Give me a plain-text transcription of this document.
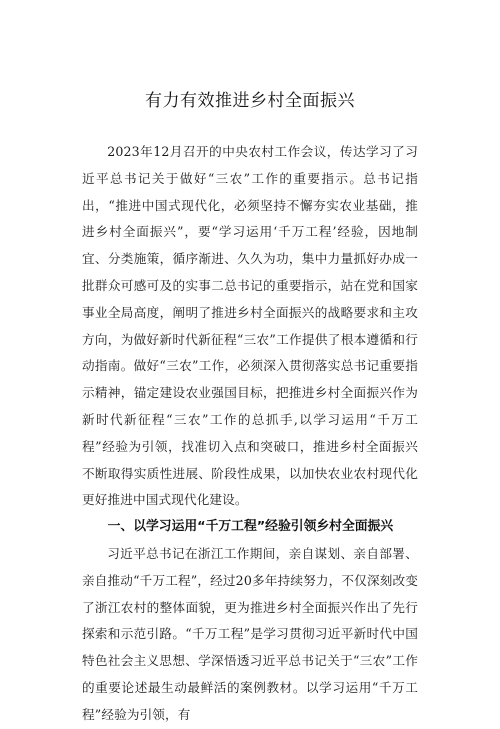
有力有效推进乡村全面振兴

2023年12月召开的中央农村工作会议，传达学习了习近平总书记关于做好“三农”工作的重要指示。总书记指出，“推进中国式现代化，必须坚持不懈夯实农业基础，推进乡村全面振兴”，要“学习运用‘千万工程’经验，因地制宜、分类施策，循序渐进、久久为功，集中力量抓好办成一批群众可感可及的实事二总书记的重要指示，站在党和国家事业全局高度，阐明了推进乡村全面振兴的战略要求和主攻方向，为做好新时代新征程“三农”工作提供了根本遵循和行动指南。做好“三农”工作，必须深入贯彻落实总书记重要指示精神，锚定建设农业强国目标，把推进乡村全面振兴作为新时代新征程“三农”工作的总抓手,以学习运用“千万工程”经验为引领，找准切入点和突破口，推进乡村全面振兴不断取得实质性进展、阶段性成果，以加快农业农村现代化更好推进中国式现代化建设。

一、以学习运用“千万工程”经验引领乡村全面振兴

习近平总书记在浙江工作期间，亲自谋划、亲自部署、亲自推动“千万工程”，经过20多年持续努力，不仅深刻改变了浙江农村的整体面貌，更为推进乡村全面振兴作出了先行探索和示范引路。“千万工程”是学习贯彻习近平新时代中国特色社会主义思想、学深悟透习近平总书记关于“三农”工作的重要论述最生动最鲜活的案例教材。以学习运用“千万工程”经验为引领，有
